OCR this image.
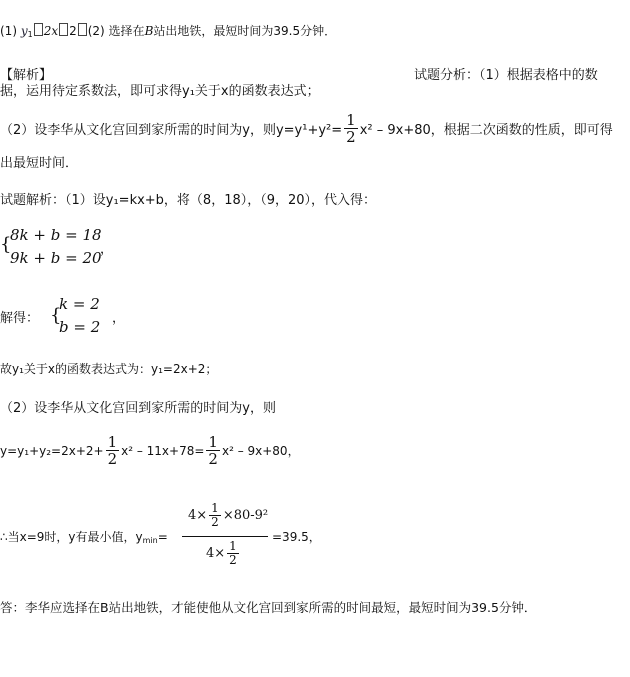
(1) $y_1$ 2x 2 (2) 选择在B站出地铁，最短时间为39.5分钟．
【解析】	试题分析：（1）根据表格中的数
据，运用待定系数法，即可求得y₁关于x的函数表达式；
（2）设李华从文化宫回到家所需的时间为y，则$y=y^1+y^2= \frac{1}{2} x^2 - 9x+80$，根据二次函数的性质，即可得
出最短时间．
试题解析：（1）设y₁=kx+b，将（8，18），（9，20），代入得：
{
8k + b = 18
9k + b = 20
，
解得： {
k = 2
b = 2 ，
故y₁关于x的函数表达式为：y₁=2x+2；
（2）设李华从文化宫回到家所需的时间为y，则
$y=y_1+y_2=2x+2+ \frac{1}{2} x^2 - 11x+78= \frac{1}{2} x^2 - 9x+80$，
∴当x=9时，y有最小值，$y_{min}=$
$4\times \frac{1}{2} \times 80-9^2$
$4\times \frac{1}{2}$
=39.5，
答：李华应选择在B站出地铁，才能使他从文化宫回到家所需的时间最短，最短时间为39.5分钟．
